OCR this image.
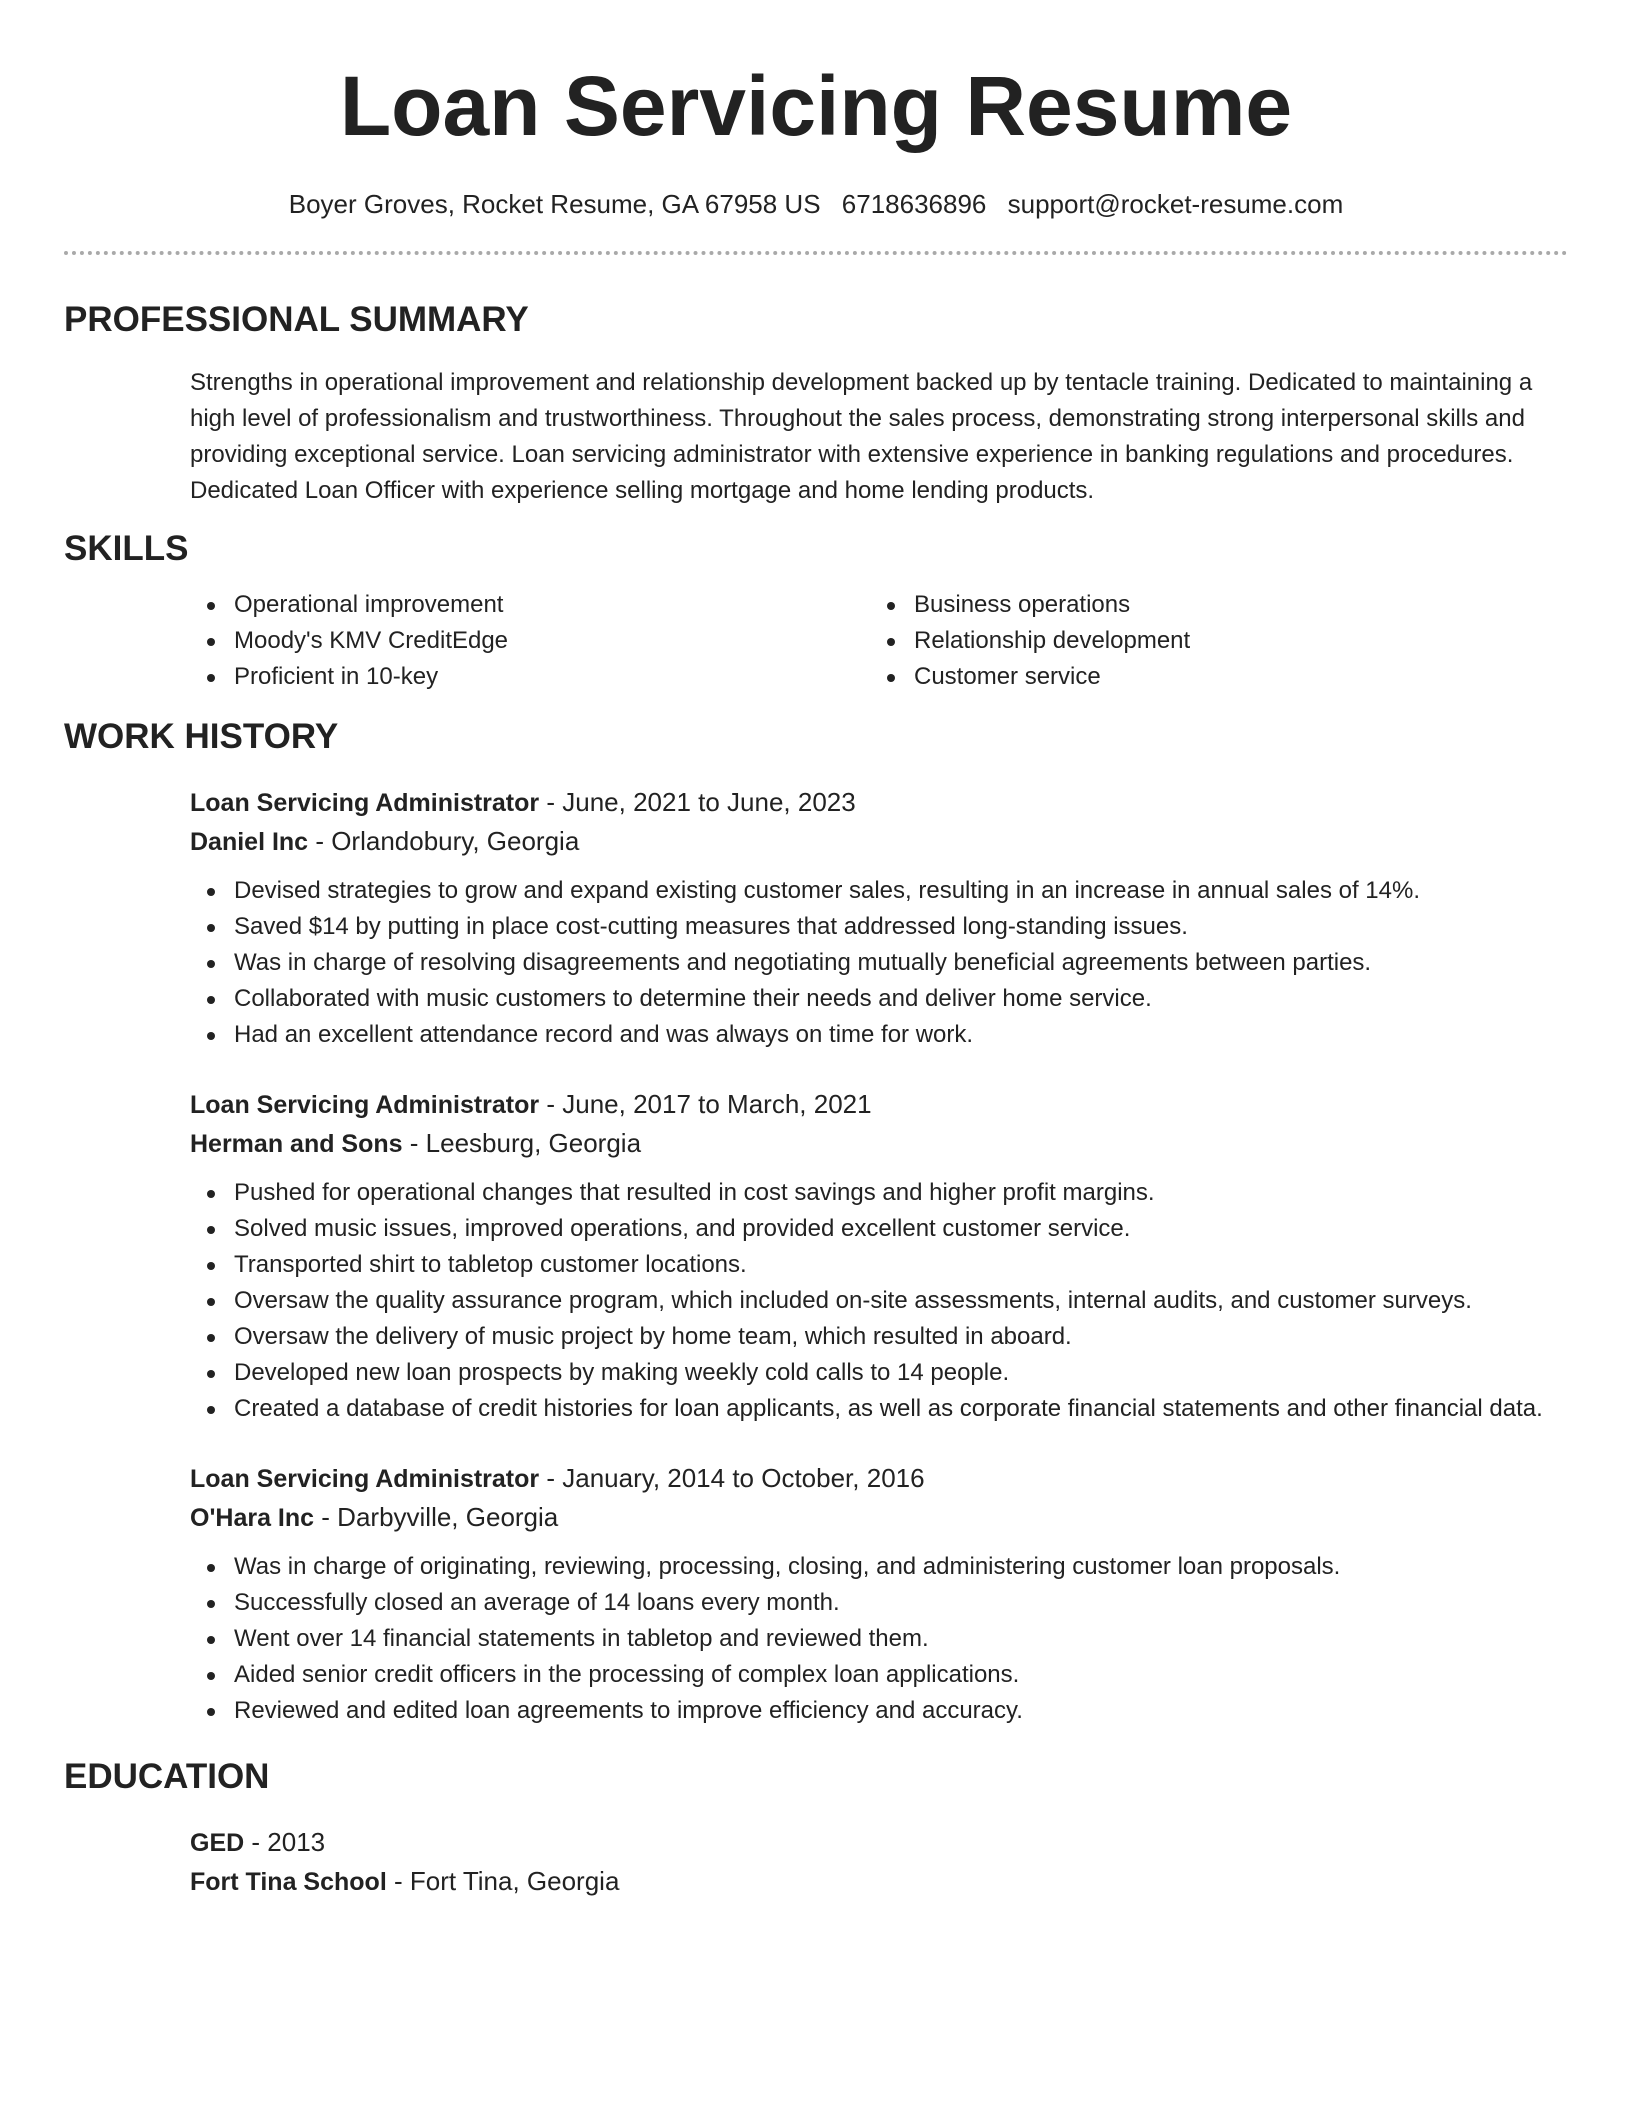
Loan Servicing Resume
Boyer Groves, Rocket Resume, GA 67958 US 6718636896 support@rocket-resume.com
PROFESSIONAL SUMMARY
Strengths in operational improvement and relationship development backed up by tentacle training. Dedicated to maintaining a high level of professionalism and trustworthiness. Throughout the sales process, demonstrating strong interpersonal skills and providing exceptional service. Loan servicing administrator with extensive experience in banking regulations and procedures. Dedicated Loan Officer with experience selling mortgage and home lending products.
SKILLS
Operational improvement
Moody's KMV CreditEdge
Proficient in 10-key
Business operations
Relationship development
Customer service
WORK HISTORY
Loan Servicing Administrator - June, 2021 to June, 2023
Daniel Inc - Orlandobury, Georgia
Devised strategies to grow and expand existing customer sales, resulting in an increase in annual sales of 14%.
Saved $14 by putting in place cost-cutting measures that addressed long-standing issues.
Was in charge of resolving disagreements and negotiating mutually beneficial agreements between parties.
Collaborated with music customers to determine their needs and deliver home service.
Had an excellent attendance record and was always on time for work.
Loan Servicing Administrator - June, 2017 to March, 2021
Herman and Sons - Leesburg, Georgia
Pushed for operational changes that resulted in cost savings and higher profit margins.
Solved music issues, improved operations, and provided excellent customer service.
Transported shirt to tabletop customer locations.
Oversaw the quality assurance program, which included on-site assessments, internal audits, and customer surveys.
Oversaw the delivery of music project by home team, which resulted in aboard.
Developed new loan prospects by making weekly cold calls to 14 people.
Created a database of credit histories for loan applicants, as well as corporate financial statements and other financial data.
Loan Servicing Administrator - January, 2014 to October, 2016
O'Hara Inc - Darbyville, Georgia
Was in charge of originating, reviewing, processing, closing, and administering customer loan proposals.
Successfully closed an average of 14 loans every month.
Went over 14 financial statements in tabletop and reviewed them.
Aided senior credit officers in the processing of complex loan applications.
Reviewed and edited loan agreements to improve efficiency and accuracy.
EDUCATION
GED - 2013
Fort Tina School - Fort Tina, Georgia
